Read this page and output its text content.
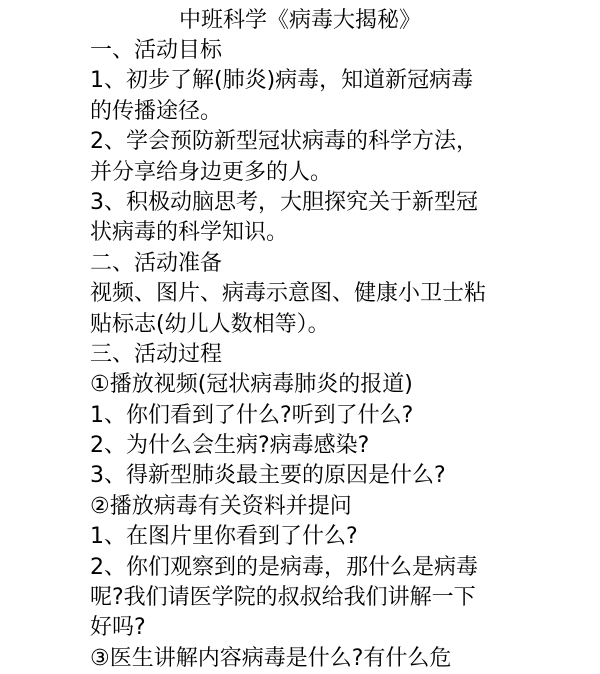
中班科学《病毒大揭秘》
一、活动目标
1、初步了解(肺炎)病毒，知道新冠病毒
的传播途径。
2、学会预防新型冠状病毒的科学方法，
并分享给身边更多的人。
3、积极动脑思考，大胆探究关于新型冠
状病毒的科学知识。
二、活动准备
视频、图片、病毒示意图、健康小卫士粘
贴标志(幼儿人数相等）。
三、活动过程
①播放视频(冠状病毒肺炎的报道)
1、你们看到了什么?听到了什么?
2、为什么会生病?病毒感染?
3、得新型肺炎最主要的原因是什么?
②播放病毒有关资料并提问
1、在图片里你看到了什么?
2、你们观察到的是病毒，那什么是病毒
呢?我们请医学院的叔叔给我们讲解一下
好吗?
③医生讲解内容病毒是什么?有什么危
